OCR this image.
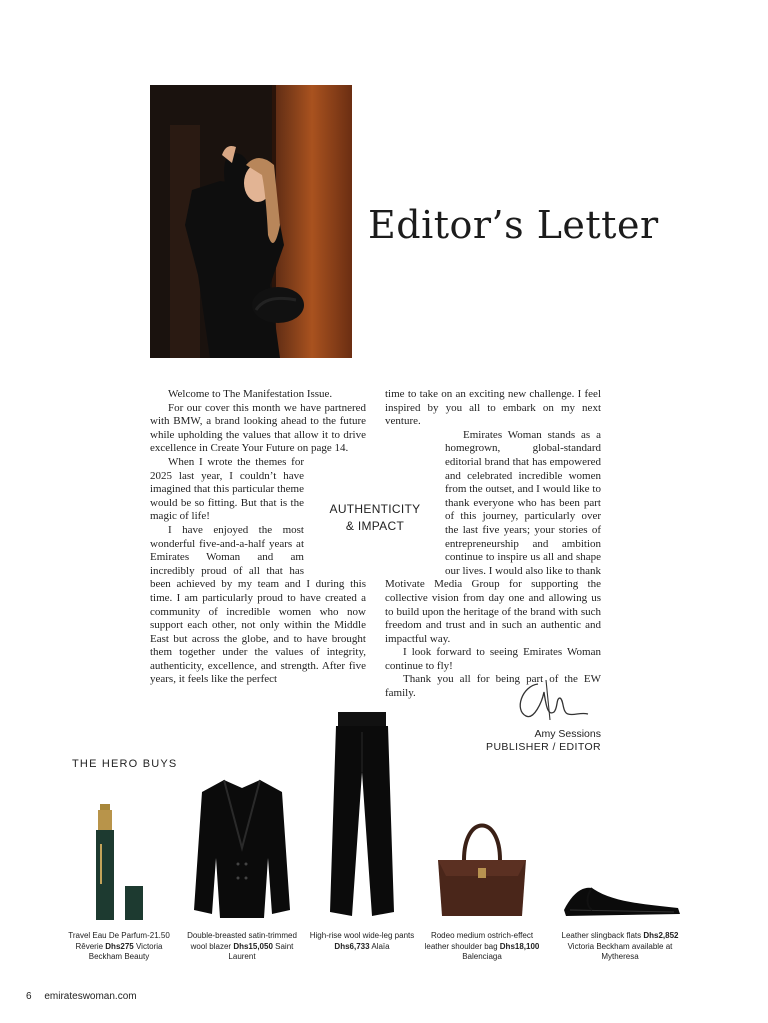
Editor’s Letter

Welcome to The Manifestation Issue.

For our cover this month we have partnered with BMW, a brand looking ahead to the future while upholding the values that allow it to drive excellence in Create Your Future on page 14.

When I wrote the themes for 2025 last year, I couldn’t have imagined that this particular theme would be so fitting. But that is the magic of life!

I have enjoyed the most wonderful five-and-a-half years at Emirates Woman and am incredibly proud of all that has been achieved by my team and I during this time. I am particularly proud to have created a community of incredible women who now support each other, not only within the Middle East but across the globe, and to have brought them together under the values of integrity, authenticity, excellence, and strength. After five years, it feels like the perfect

time to take on an exciting new challenge. I feel inspired by you all to embark on my next venture.

Emirates Woman stands as a homegrown, global-standard editorial brand that has empowered and celebrated incredible women from the outset, and I would like to thank everyone who has been part of this journey, particularly over the last five years; your stories of entrepreneurship and ambition continue to inspire us all and shape our lives. I would also like to thank Motivate Media Group for supporting the collective vision from day one and allowing us to build upon the heritage of the brand with such freedom and trust and in such an authentic and impactful way.

I look forward to seeing Emirates Woman continue to fly!

Thank you all for being part of the EW family.

AUTHENTICITY
& IMPACT
Amy Sessions
PUBLISHER / EDITOR
THE HERO BUYS
Travel Eau De Parfum-21.50 Rêverie Dhs275 Victoria Beckham Beauty
Double-breasted satin-trimmed wool blazer Dhs15,050 Saint Laurent
High-rise wool wide-leg pants Dhs6,733 Alaïa
Rodeo medium ostrich-effect leather shoulder bag Dhs18,100 Balenciaga
Leather slingback flats Dhs2,852 Victoria Beckham available at Mytheresa
6 emirateswoman.com
